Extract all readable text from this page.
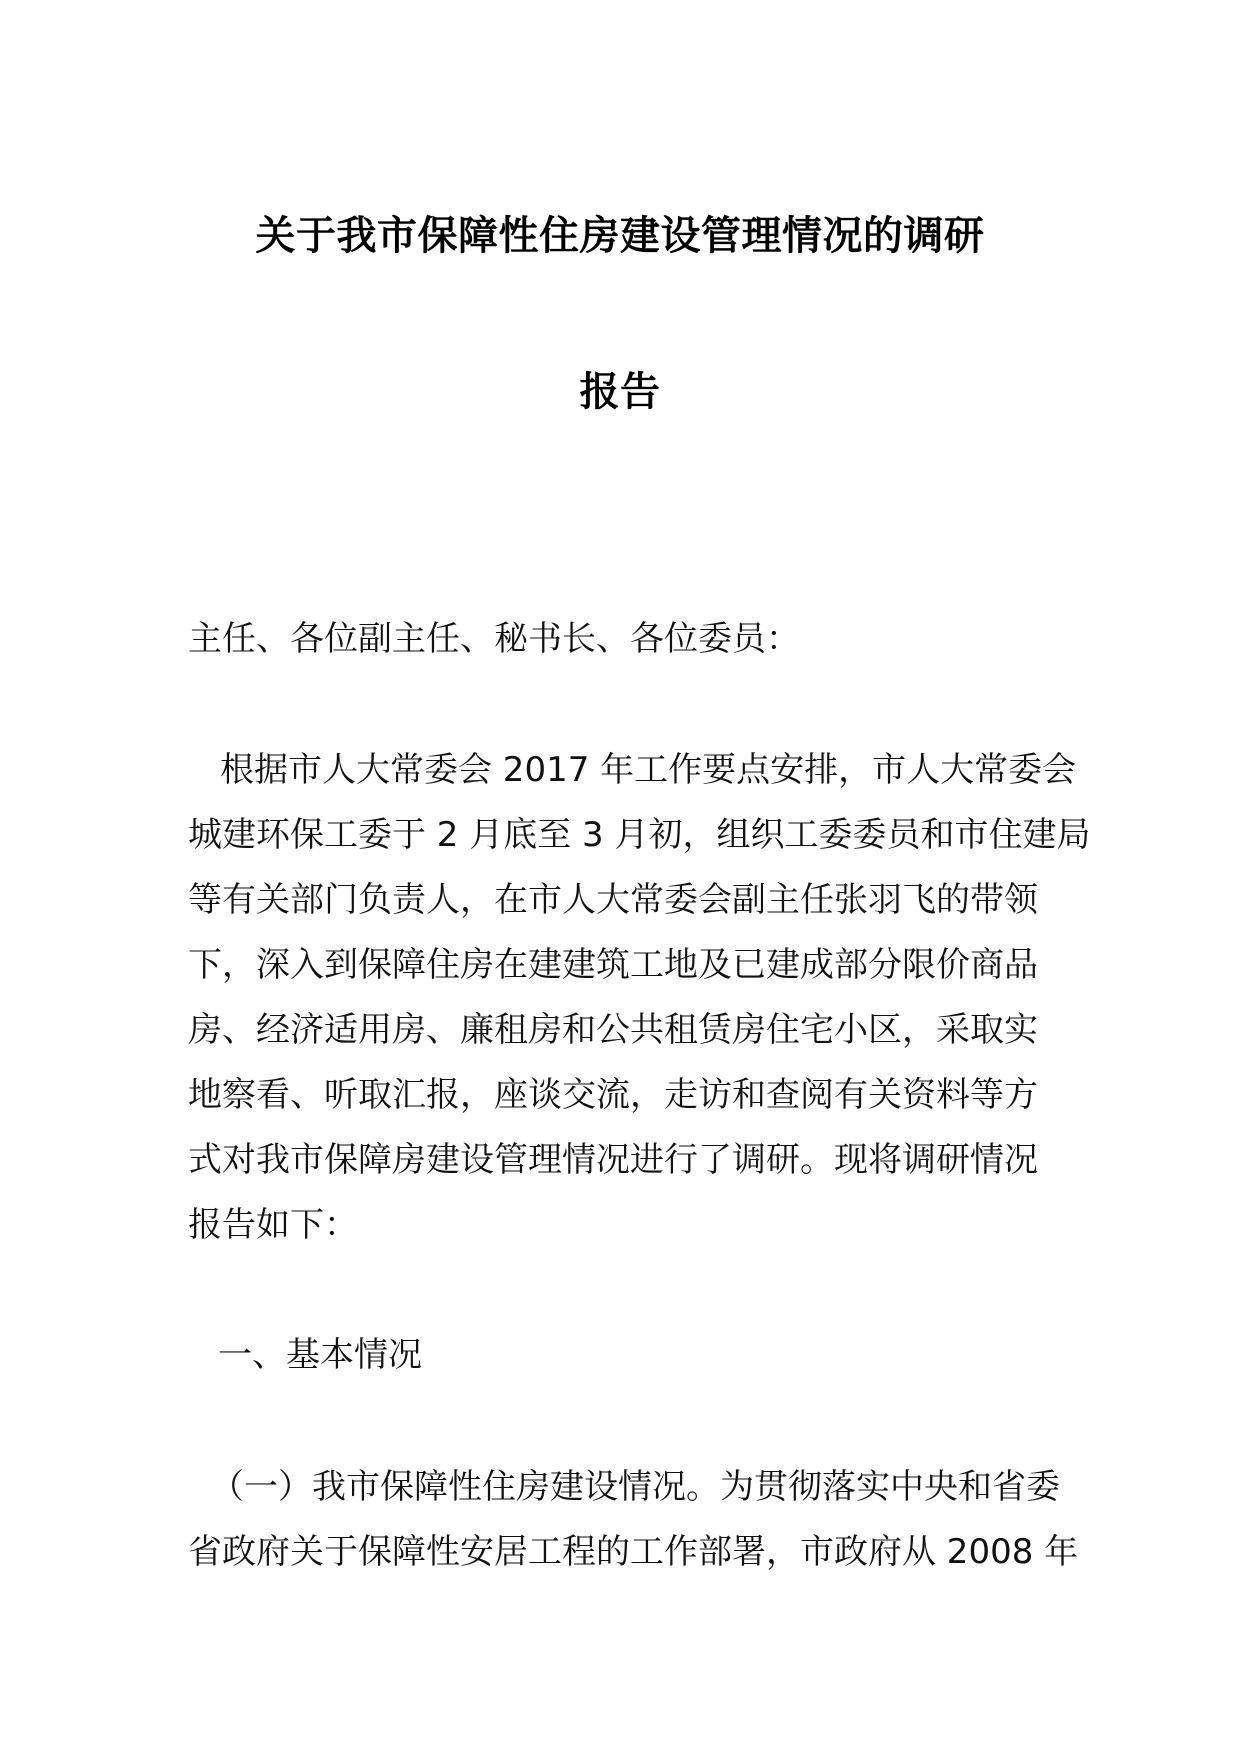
关于我市保障性住房建设管理情况的调研
报告
主任、各位副主任、秘书长、各位委员：
根据市人大常委会 2017 年工作要点安排，市人大常委会
城建环保工委于 2 月底至 3 月初，组织工委委员和市住建局
等有关部门负责人，在市人大常委会副主任张羽飞的带领
下，深入到保障住房在建建筑工地及已建成部分限价商品
房、经济适用房、廉租房和公共租赁房住宅小区，采取实
地察看、听取汇报，座谈交流，走访和查阅有关资料等方
式对我市保障房建设管理情况进行了调研。现将调研情况
报告如下：
一、基本情况
（一）我市保障性住房建设情况。为贯彻落实中央和省委
省政府关于保障性安居工程的工作部署，市政府从 2008 年
